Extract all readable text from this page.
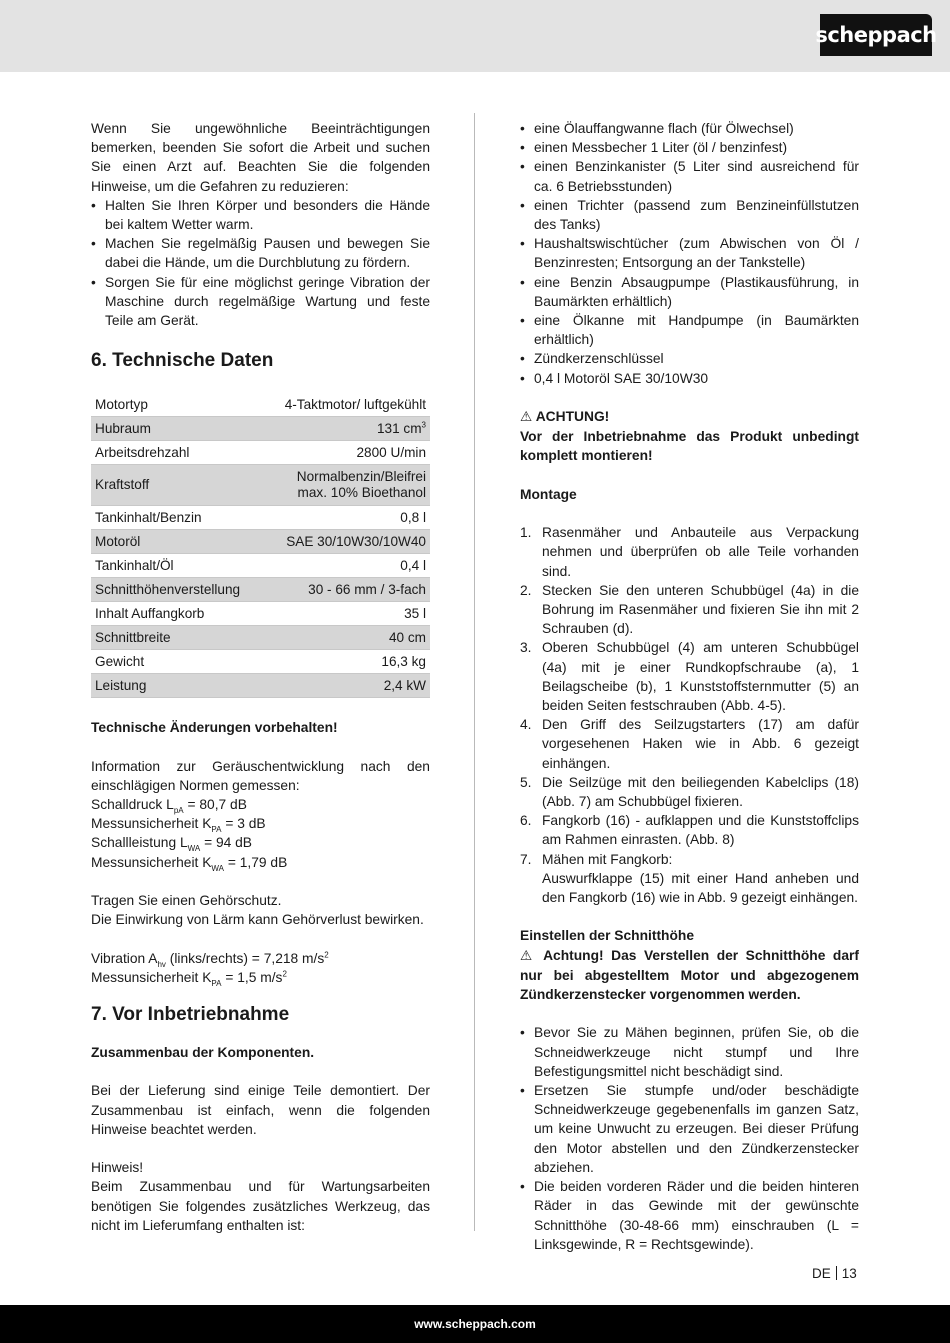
scheppach

Wenn Sie ungewöhnliche Beeinträchtigungen bemerken, beenden Sie sofort die Arbeit und suchen Sie einen Arzt auf. Beachten Sie die folgenden Hinweise, um die Gefahren zu reduzieren:

• Halten Sie Ihren Körper und besonders die Hände bei kaltem Wetter warm.
• Machen Sie regelmäßig Pausen und bewegen Sie dabei die Hände, um die Durchblutung zu fördern.
• Sorgen Sie für eine möglichst geringe Vibration der Maschine durch regelmäßige Wartung und feste Teile am Gerät.
6. Technische Daten
Motortyp	4-Taktmotor/ luftgekühlt
Hubraum	131 $cm^3$
Arbeitsdrehzahl	2800 U/min
Kraftstoff	Normalbenzin/Bleifrei
max. 10% Bioethanol

Tankinhalt/Benzin	0,8 l
Motoröl	SAE 30/10W30/10W40
Tankinhalt/Öl	0,4 l
Schnitthöhenverstellung	30 - 66 mm / 3-fach
Inhalt Auffangkorb	35 l
Schnittbreite	40 cm
Gewicht	16,3 kg
Leistung	2,4 kW

Technische Änderungen vorbehalten!

Information zur Geräuschentwicklung nach den einschlägigen Normen gemessen:

Schalldruck $L_{pA} = 80,7$ dB
Messunsicherheit $K_{PA} = 3$ dB
Schallleistung $L_{WA} = 94$ dB
Messunsicherheit $K_{WA} = 1,79$ dB
Tragen Sie einen Gehörschutz.
Die Einwirkung von Lärm kann Gehörverlust bewirken.
Vibration $A_{hv}$ (links/rechts) = 7,218 $m/s^2$
Messunsicherheit $K_{PA} = 1,5$ $m/s^2$
7. Vor Inbetriebnahme

Zusammenbau der Komponenten.

Bei der Lieferung sind einige Teile demontiert. Der Zusammenbau ist einfach, wenn die folgenden Hinweise beachtet werden.

Hinweis!

Beim Zusammenbau und für Wartungsarbeiten benötigen Sie folgendes zusätzliches Werkzeug, das nicht im Lieferumfang enthalten ist:

• eine Ölauffangwanne flach (für Ölwechsel)
• einen Messbecher 1 Liter (öl / benzinfest)
• einen Benzinkanister (5 Liter sind ausreichend für ca. 6 Betriebsstunden)
• einen Trichter (passend zum Benzineinfüllstutzen des Tanks)
• Haushaltswischtücher (zum Abwischen von Öl / Benzinresten; Entsorgung an der Tankstelle)
• eine Benzin Absaugpumpe (Plastikausführung, in Baumärkten erhältlich)
• eine Ölkanne mit Handpumpe (in Baumärkten erhältlich)
• Zündkerzenschlüssel
• 0,4 l Motoröl SAE 30/10W30
⚠ ACHTUNG!

Vor der Inbetriebnahme das Produkt unbedingt komplett montieren!

Montage

1. Rasenmäher und Anbauteile aus Verpackung nehmen und überprüfen ob alle Teile vorhanden sind.
2. Stecken Sie den unteren Schubbügel (4a) in die Bohrung im Rasenmäher und fixieren Sie ihn mit 2 Schrauben (d).
3. Oberen Schubbügel (4) am unteren Schubbügel (4a) mit je einer Rundkopfschraube (a), 1 Beilagscheibe (b), 1 Kunststoffsternmutter (5) an beiden Seiten festschrauben (Abb. 4-5).
4. Den Griff des Seilzugstarters (17) am dafür vorgesehenen Haken wie in Abb. 6 gezeigt einhängen.
5. Die Seilzüge mit den beiliegenden Kabelclips (18) (Abb. 7) am Schubbügel fixieren.
6. Fangkorb (16) - aufklappen und die Kunststoffclips am Rahmen einrasten. (Abb. 8)
7. Mähen mit Fangkorb:
Auswurfklappe (15) mit einer Hand anheben und den Fangkorb (16) wie in Abb. 9 gezeigt einhängen.

Einstellen der Schnitthöhe

⚠ Achtung! Das Verstellen der Schnitthöhe darf nur bei abgestelltem Motor und abgezogenem Zündkerzenstecker vorgenommen werden.

• Bevor Sie zu Mähen beginnen, prüfen Sie, ob die Schneidwerkzeuge nicht stumpf und Ihre Befestigungsmittel nicht beschädigt sind.
• Ersetzen Sie stumpfe und/oder beschädigte Schneidwerkzeuge gegebenenfalls im ganzen Satz, um keine Unwucht zu erzeugen. Bei dieser Prüfung den Motor abstellen und den Zündkerzenstecker abziehen.
• Die beiden vorderen Räder und die beiden hinteren Räder in das Gewinde mit der gewünschte Schnitthöhe (30-48-66 mm) einschrauben (L = Linksgewinde, R = Rechtsgewinde).
DE 13
www.scheppach.com
